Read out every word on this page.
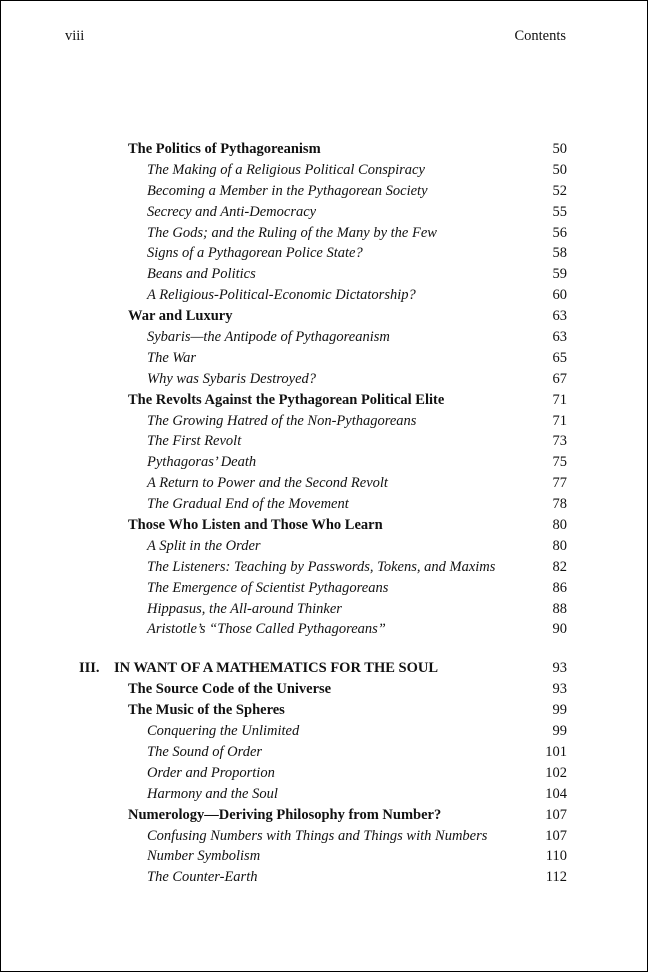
viii	Contents
The Politics of Pythagoreanism	50
The Making of a Religious Political Conspiracy	50
Becoming a Member in the Pythagorean Society	52
Secrecy and Anti-Democracy	55
The Gods; and the Ruling of the Many by the Few	56
Signs of a Pythagorean Police State?	58
Beans and Politics	59
A Religious-Political-Economic Dictatorship?	60
War and Luxury	63
Sybaris—the Antipode of Pythagoreanism	63
The War	65
Why was Sybaris Destroyed?	67
The Revolts Against the Pythagorean Political Elite	71
The Growing Hatred of the Non-Pythagoreans	71
The First Revolt	73
Pythagoras’ Death	75
A Return to Power and the Second Revolt	77
The Gradual End of the Movement	78
Those Who Listen and Those Who Learn	80
A Split in the Order	80
The Listeners: Teaching by Passwords, Tokens, and Maxims	82
The Emergence of Scientist Pythagoreans	86
Hippasus, the All-around Thinker	88
Aristotle’s “Those Called Pythagoreans”	90
III. IN WANT OF A MATHEMATICS FOR THE SOUL	93
The Source Code of the Universe	93
The Music of the Spheres	99
Conquering the Unlimited	99
The Sound of Order	101
Order and Proportion	102
Harmony and the Soul	104
Numerology—Deriving Philosophy from Number?	107
Confusing Numbers with Things and Things with Numbers	107
Number Symbolism	110
The Counter-Earth	112
